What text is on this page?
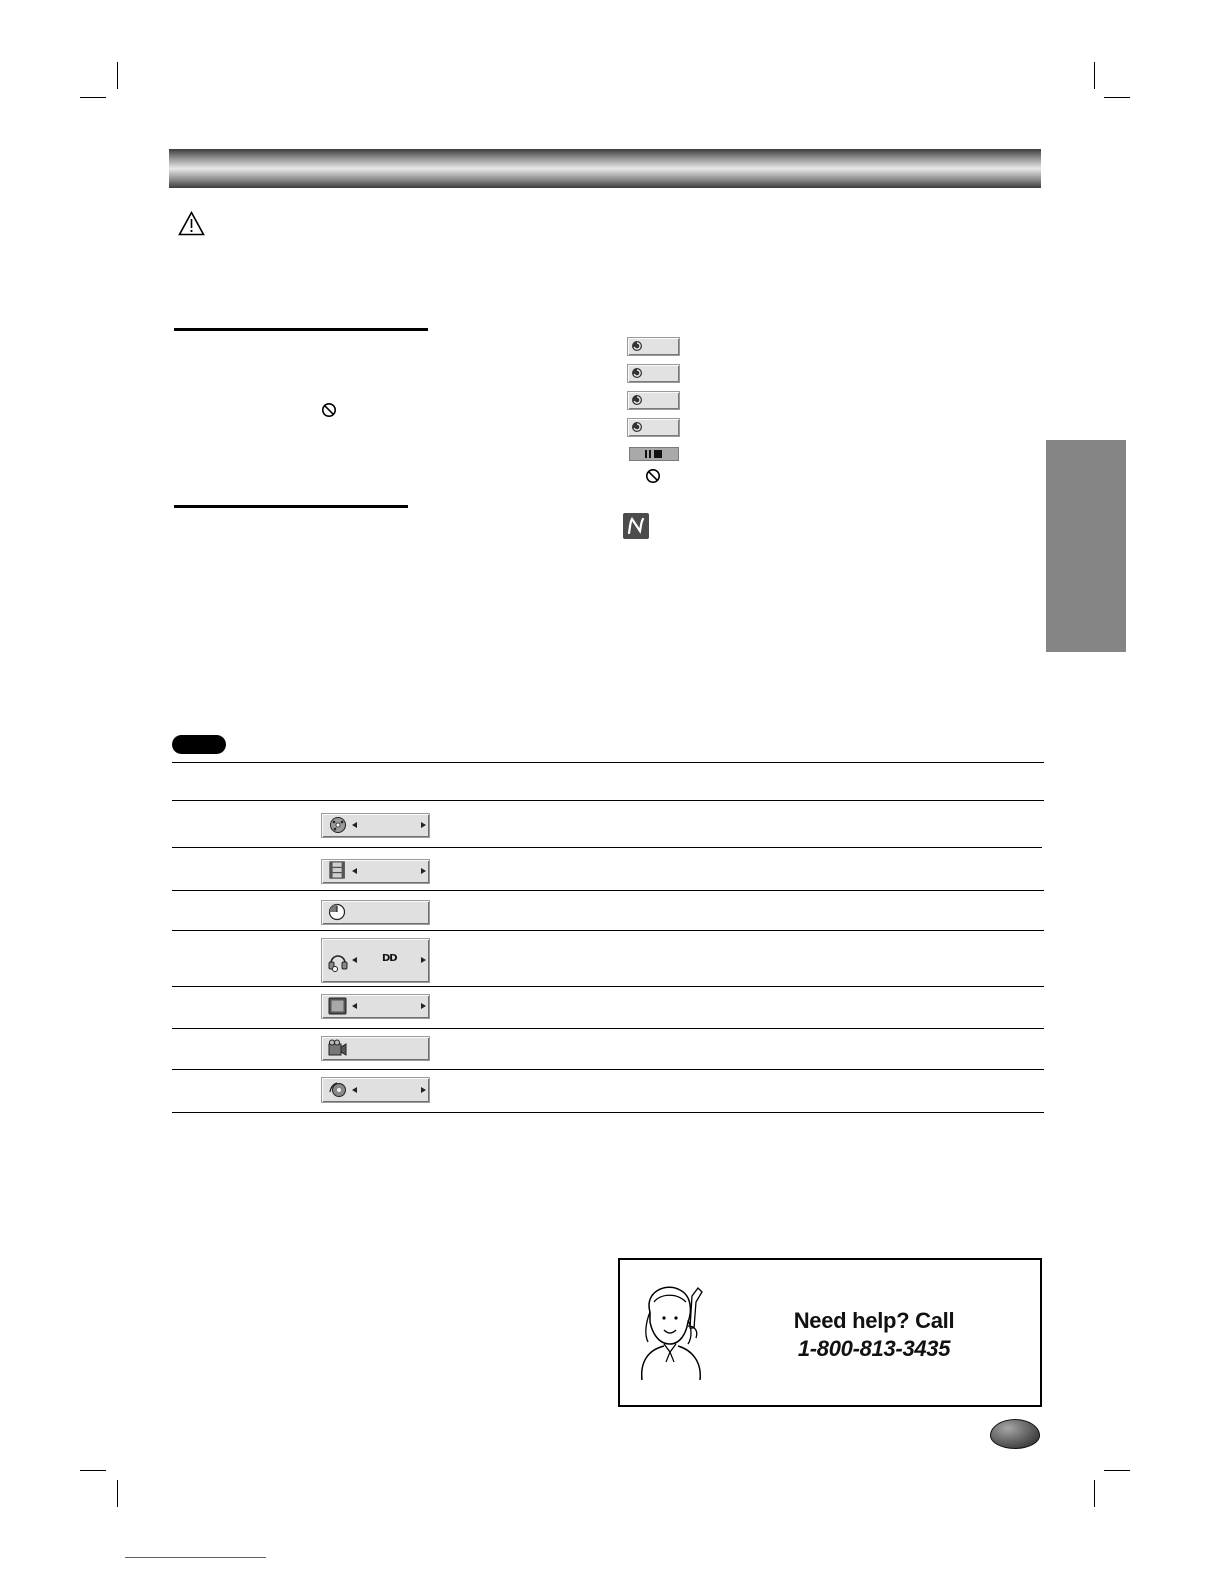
DD
Need help? Call
1-800-813-3435
